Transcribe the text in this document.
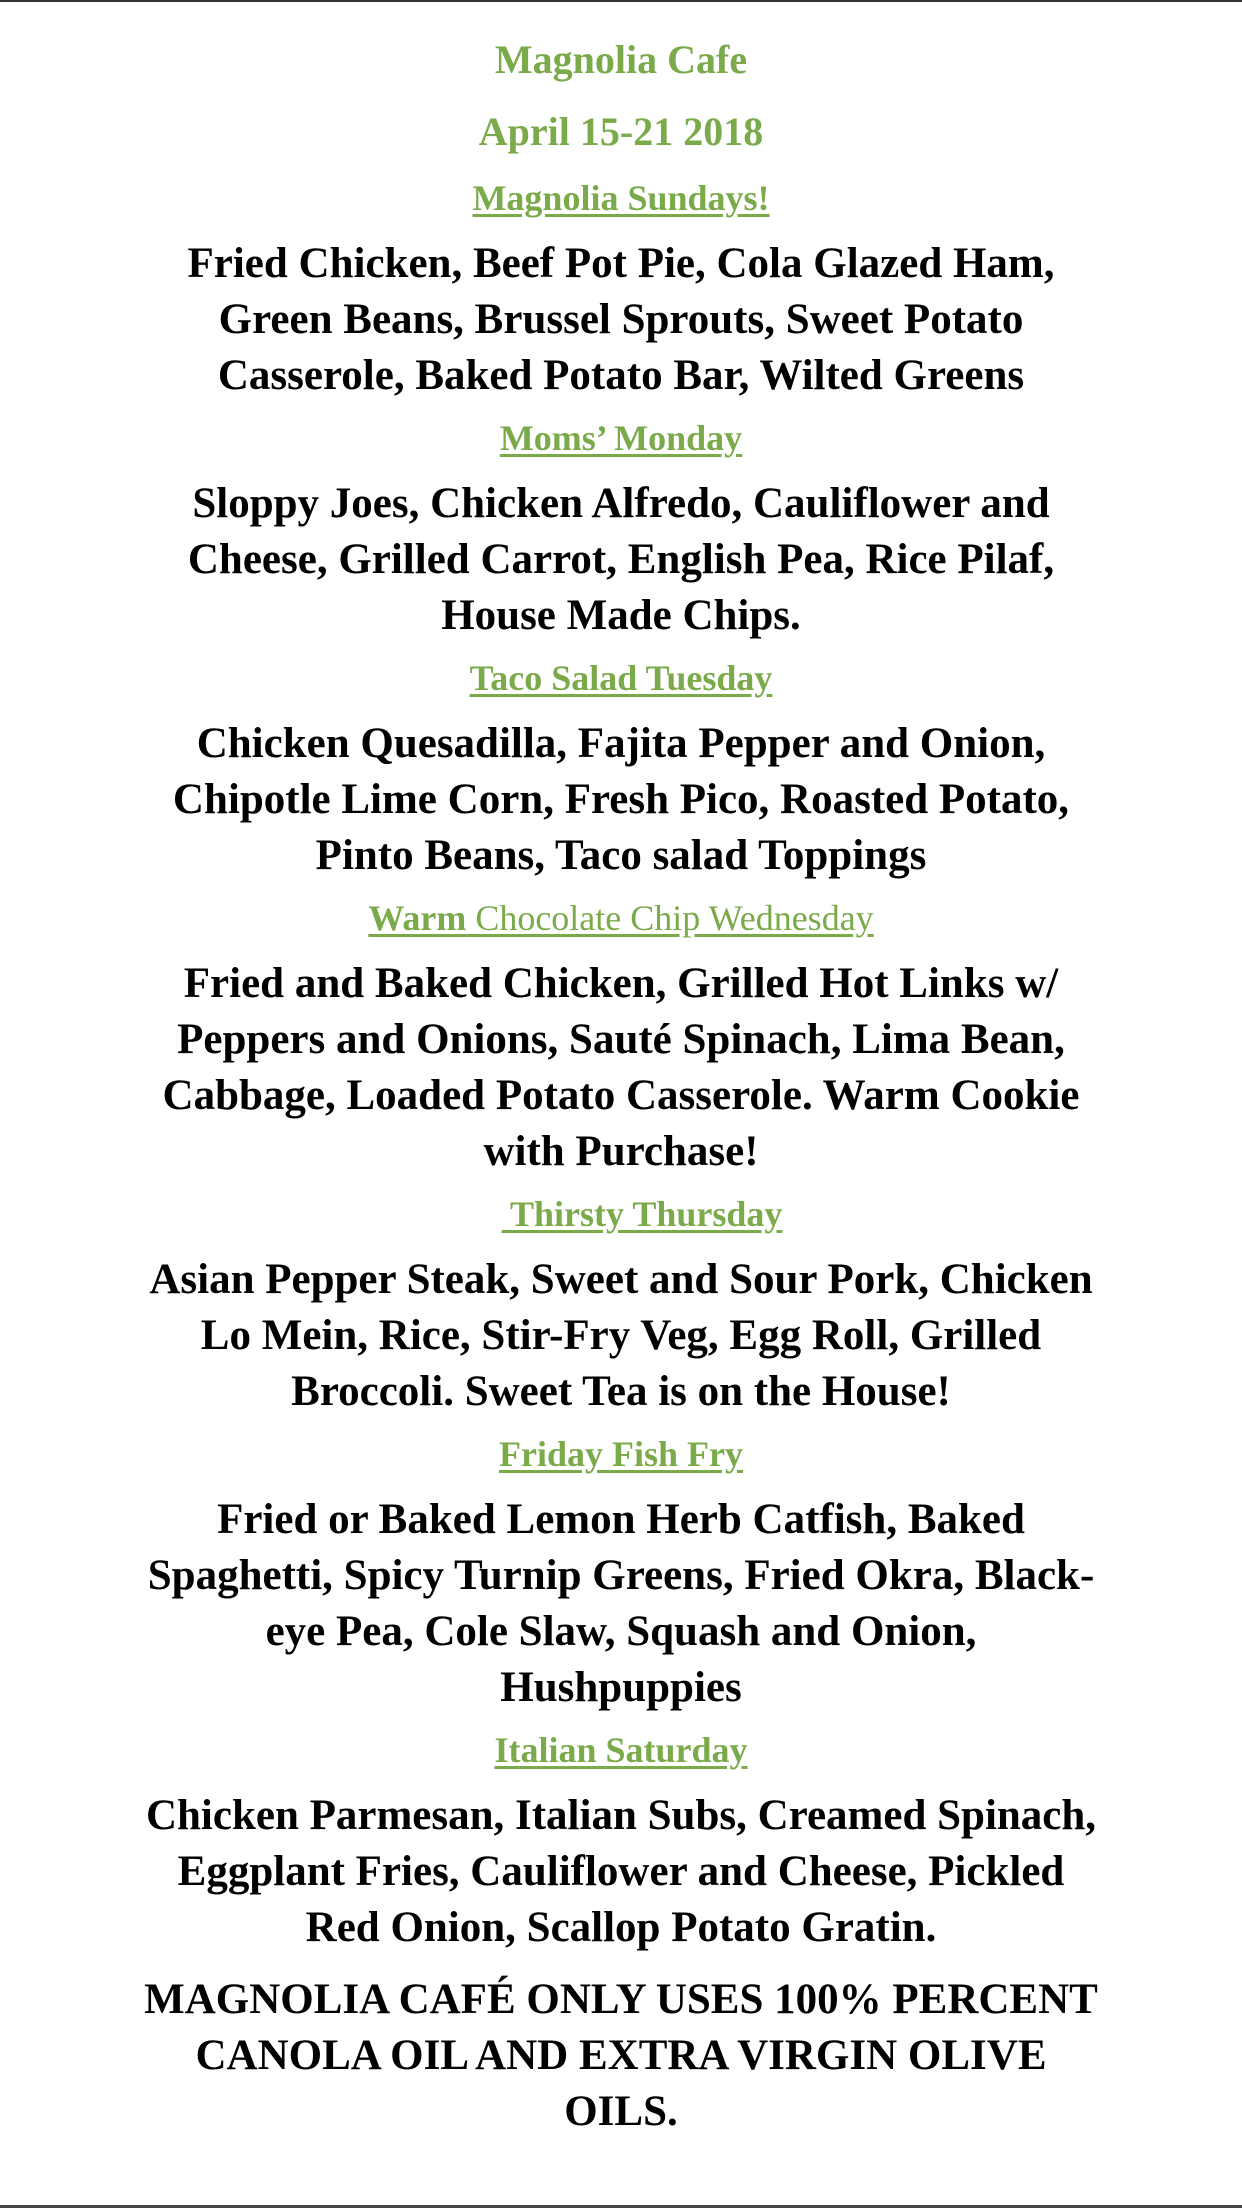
Magnolia Cafe
April 15-21 2018
Magnolia Sundays!
Fried Chicken, Beef Pot Pie, Cola Glazed Ham,
Green Beans, Brussel Sprouts, Sweet Potato
Casserole, Baked Potato Bar, Wilted Greens
Moms’ Monday
Sloppy Joes, Chicken Alfredo, Cauliflower and
Cheese, Grilled Carrot, English Pea, Rice Pilaf,
House Made Chips.
Taco Salad Tuesday
Chicken Quesadilla, Fajita Pepper and Onion,
Chipotle Lime Corn, Fresh Pico, Roasted Potato,
Pinto Beans, Taco salad Toppings
Warm Chocolate Chip Wednesday
Fried and Baked Chicken, Grilled Hot Links w/
Peppers and Onions, Sauté Spinach, Lima Bean,
Cabbage, Loaded Potato Casserole. Warm Cookie
with Purchase!
Thirsty Thursday
Asian Pepper Steak, Sweet and Sour Pork, Chicken
Lo Mein, Rice, Stir-Fry Veg, Egg Roll, Grilled
Broccoli. Sweet Tea is on the House!
Friday Fish Fry
Fried or Baked Lemon Herb Catfish, Baked
Spaghetti, Spicy Turnip Greens, Fried Okra, Black-
eye Pea, Cole Slaw, Squash and Onion,
Hushpuppies
Italian Saturday
Chicken Parmesan, Italian Subs, Creamed Spinach,
Eggplant Fries, Cauliflower and Cheese, Pickled
Red Onion, Scallop Potato Gratin.
MAGNOLIA CAFÉ ONLY USES 100% PERCENT
CANOLA OIL AND EXTRA VIRGIN OLIVE
OILS.
